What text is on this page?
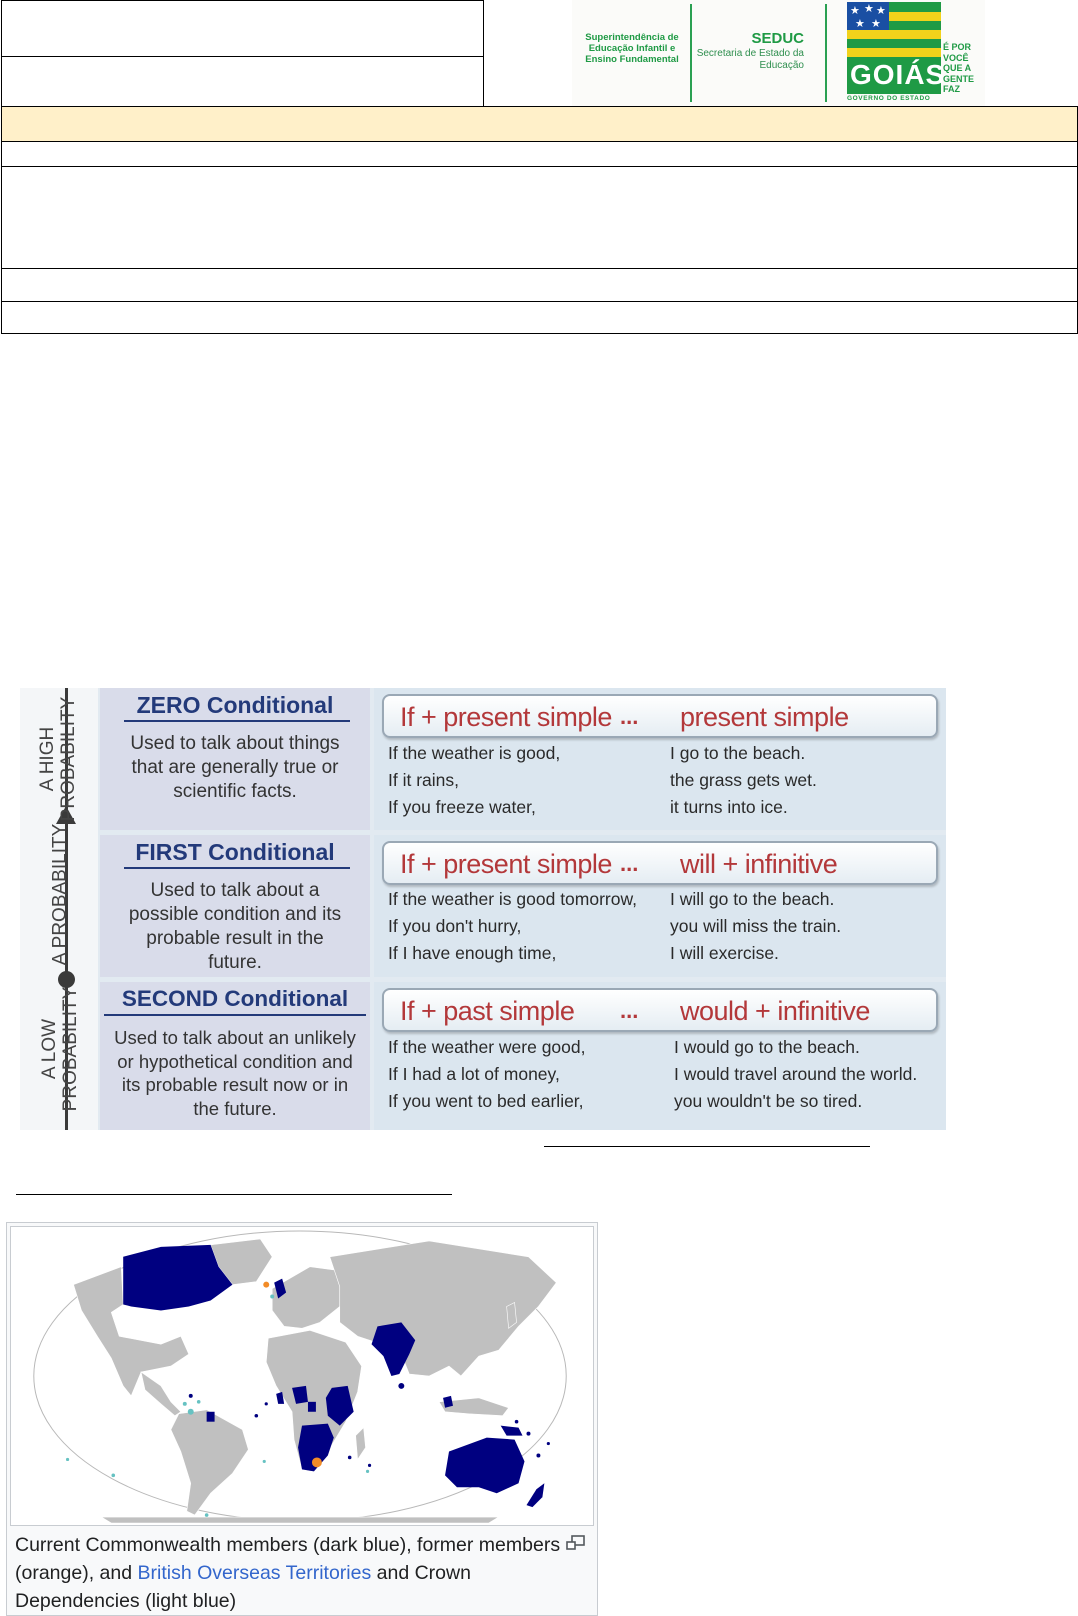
Superintendência de Educação Infantil e Ensino Fundamental
SEDUC
Secretaria de Estado da Educação
★ ★ ★
★ ★
GOIÁS
É POR VOCÊ QUE A GENTE FAZ
GOVERNO DO ESTADO
A HIGH PROBABILITY
A PROBABILITY
A LOW PROBABILITY
ZERO Conditional
Used to talk about things that are generally true or scientific facts.
If + present simple ... present simple
If the weather is good,
If it rains,
If you freeze water,
I go to the beach.
the grass gets wet.
it turns into ice.
FIRST Conditional
Used to talk about a possible condition and its probable result in the future.
If + present simple ... will + infinitive
If the weather is good tomorrow,
If you don't hurry,
If I have enough time,
I will go to the beach.
you will miss the train.
I will exercise.
SECOND Conditional
Used to talk about an unlikely or hypothetical condition and its probable result now or in the future.
If + past simple ... would + infinitive
If the weather were good,
If I had a lot of money,
If you went to bed earlier,
I would go to the beach.
I would travel around the world.
you wouldn't be so tired.
Current Commonwealth members (dark blue), former members (orange), and British Overseas Territories and Crown Dependencies (light blue)
